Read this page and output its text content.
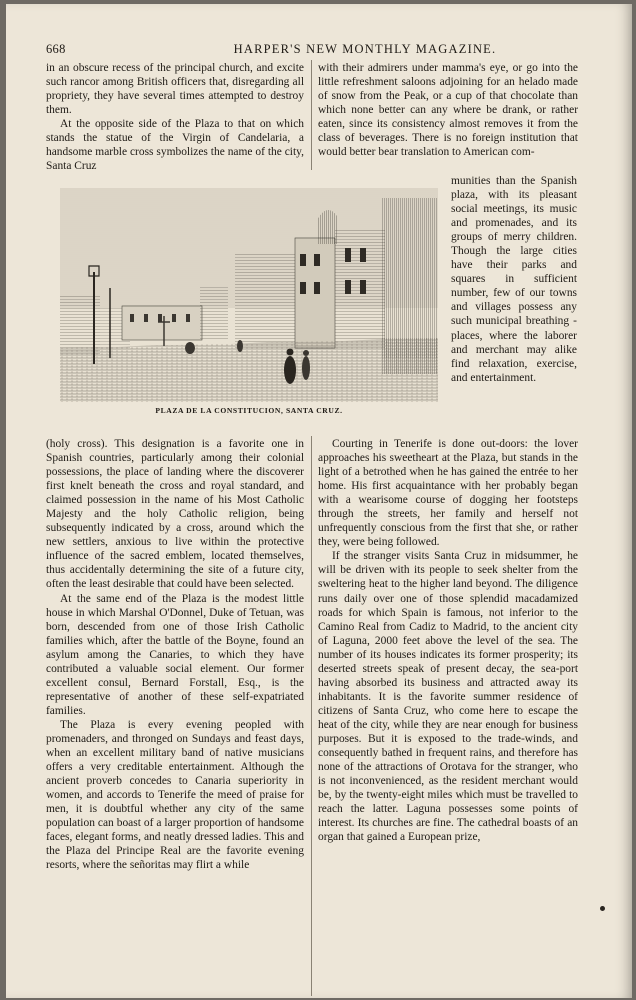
668	HARPER'S NEW MONTHLY MAGAZINE.

in an obscure recess of the principal church, and excite such rancor among British officers that, disregarding all propriety, they have several times attempted to destroy them.

At the opposite side of the Plaza to that on which stands the statue of the Virgin of Candelaria, a handsome marble cross symbolizes the name of the city, Santa Cruz

with their admirers under mamma's eye, or go into the little refreshment saloons adjoining for an helado made of snow from the Peak, or a cup of that chocolate than which none better can any where be drank, or rather eaten, since its consistency almost removes it from the class of beverages. There is no foreign institution that would better bear translation to American com-

munities than the Spanish plaza, with its pleasant social meetings, its music and promenades, and its groups of merry children. Though the large cities have their parks and squares in sufficient number, few of our towns and villages possess any such municipal breathing - places, where the laborer and merchant may alike find relaxation, exercise, and entertainment.

PLAZA DE LA CONSTITUCION, SANTA CRUZ.

(holy cross). This designation is a favorite one in Spanish countries, particularly among their colonial possessions, the place of landing where the discoverer first knelt beneath the cross and royal standard, and claimed possession in the name of his Most Catholic Majesty and the holy Catholic religion, being subsequently indicated by a cross, around which the new settlers, anxious to live within the protective influence of the sacred emblem, located themselves, thus accidentally determining the site of a future city, often the least desirable that could have been selected.

At the same end of the Plaza is the modest little house in which Marshal O'Donnel, Duke of Tetuan, was born, descended from one of those Irish Catholic families which, after the battle of the Boyne, found an asylum among the Canaries, to which they have contributed a valuable social element. Our former excellent consul, Bernard Forstall, Esq., is the representative of another of these self-expatriated families.

The Plaza is every evening peopled with promenaders, and thronged on Sundays and feast days, when an excellent military band of native musicians offers a very creditable entertainment. Although the ancient proverb concedes to Canaria superiority in women, and accords to Tenerife the meed of praise for men, it is doubtful whether any city of the same population can boast of a larger proportion of handsome faces, elegant forms, and neatly dressed ladies. This and the Plaza del Principe Real are the favorite evening resorts, where the señoritas may flirt a while

Courting in Tenerife is done out-doors: the lover approaches his sweetheart at the Plaza, but stands in the light of a betrothed when he has gained the entrée to her home. His first acquaintance with her probably began with a wearisome course of dogging her footsteps through the streets, her family and herself not unfrequently conscious from the first that she, or rather they, were being followed.

If the stranger visits Santa Cruz in midsummer, he will be driven with its people to seek shelter from the sweltering heat to the higher land beyond. The diligence runs daily over one of those splendid macadamized roads for which Spain is famous, not inferior to the Camino Real from Cadiz to Madrid, to the ancient city of Laguna, 2000 feet above the level of the sea. The number of its houses indicates its former prosperity; its deserted streets speak of present decay, the sea-port having absorbed its business and attracted away its inhabitants. It is the favorite summer residence of citizens of Santa Cruz, who come here to escape the heat of the city, while they are near enough for business purposes. But it is exposed to the trade-winds, and consequently bathed in frequent rains, and therefore has none of the attractions of Orotava for the stranger, who is not inconvenienced, as the resident merchant would be, by the twenty-eight miles which must be travelled to reach the latter. Laguna possesses some points of interest. Its churches are fine. The cathedral boasts of an organ that gained a European prize,
